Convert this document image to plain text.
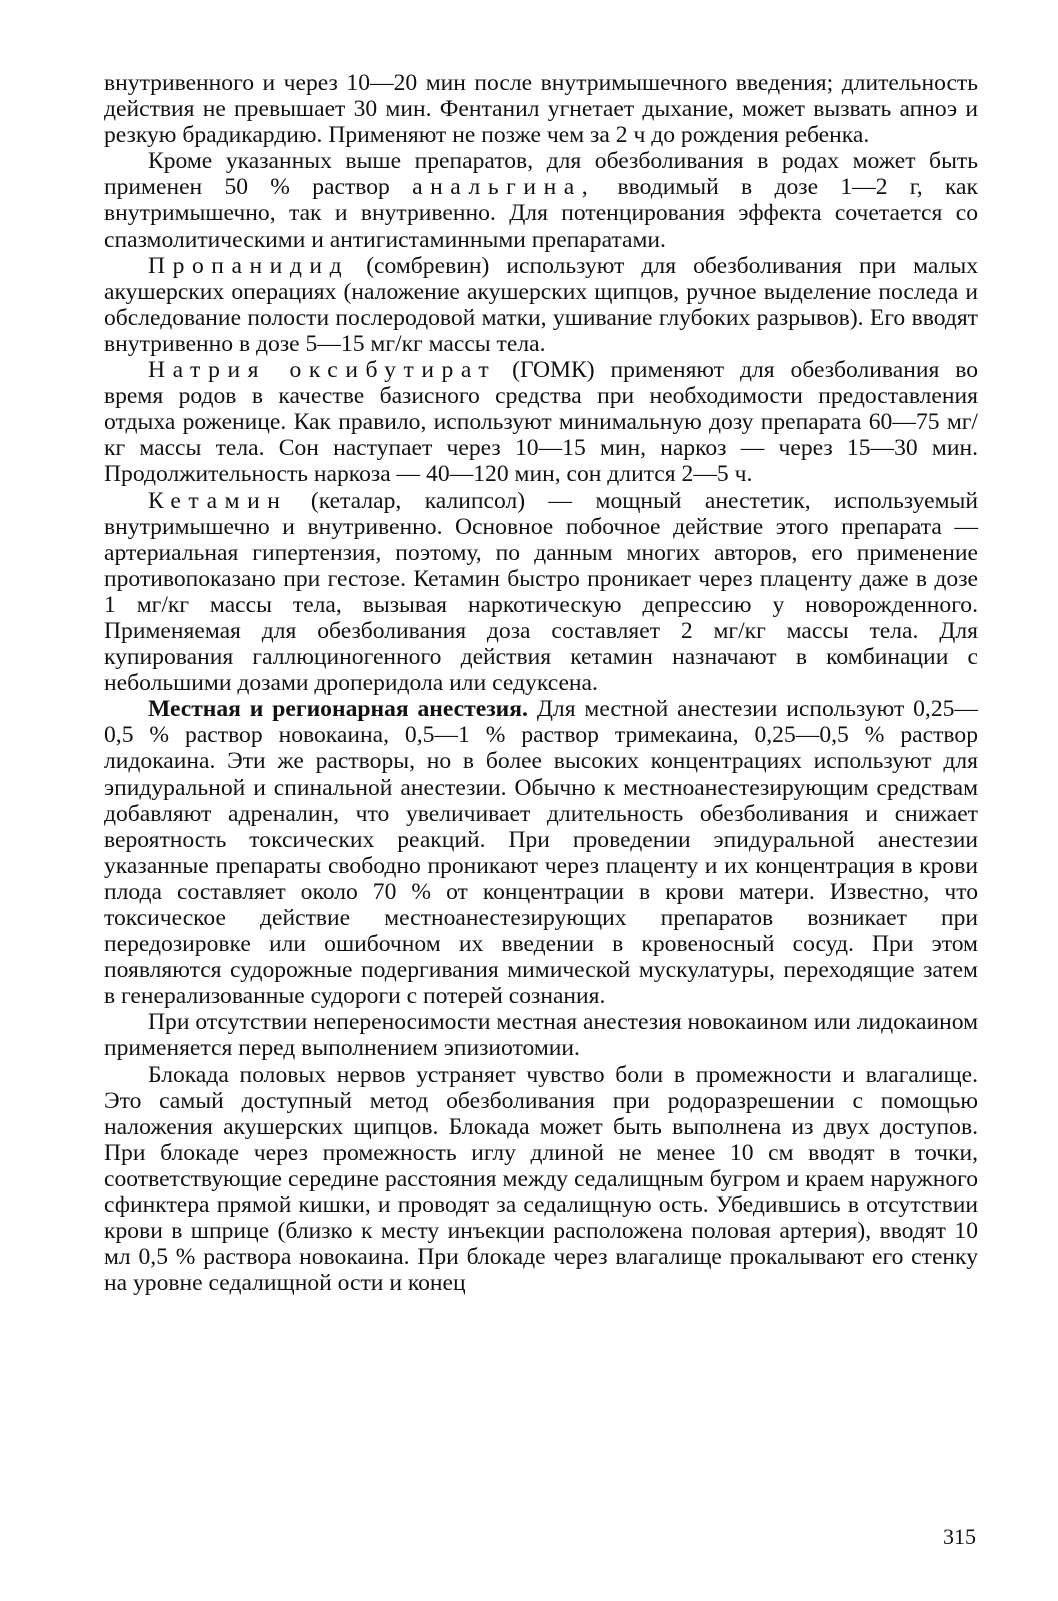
внутривенного и через 10—20 мин после внутримышечного введения; длительность действия не превышает 30 мин. Фентанил угнетает дыхание, может вызвать апноэ и резкую брадикардию. Применяют не позже чем за 2 ч до рождения ребенка.

Кроме указанных выше препаратов, для обезболивания в родах может быть применен 50 % раствор анальгина, вводимый в дозе 1—2 г, как внутримышечно, так и внутривенно. Для потенцирования эффекта сочетается со спазмолитическими и антигистаминными препаратами.

Пропанидид (сомбревин) используют для обезболивания при малых акушерских операциях (наложение акушерских щипцов, ручное выделение последа и обследование полости послеродовой матки, ушивание глубоких разрывов). Его вводят внутривенно в дозе 5—15 мг/кг массы тела.

Натрия оксибутират (ГОМК) применяют для обезболивания во время родов в качестве базисного средства при необходимости предоставления отдыха роженице. Как правило, используют минимальную дозу препарата 60—75 мг/кг массы тела. Сон наступает через 10—15 мин, наркоз — через 15—30 мин. Продолжительность наркоза — 40—120 мин, сон длится 2—5 ч.

Кетамин (кеталар, калипсол) — мощный анестетик, используемый внутримышечно и внутривенно. Основное побочное действие этого препарата — артериальная гипертензия, поэтому, по данным многих авторов, его применение противопоказано при гестозе. Кетамин быстро проникает через плаценту даже в дозе 1 мг/кг массы тела, вызывая наркотическую депрессию у новорожденного. Применяемая для обезболивания доза составляет 2 мг/кг массы тела. Для купирования галлюциногенного действия кетамин назначают в комбинации с небольшими дозами дроперидола или седуксена.

Местная и регионарная анестезия. Для местной анестезии используют 0,25—0,5 % раствор новокаина, 0,5—1 % раствор тримекаина, 0,25—0,5 % раствор лидокаина. Эти же растворы, но в более высоких концентрациях используют для эпидуральной и спинальной анестезии. Обычно к местноанестезирующим средствам добавляют адреналин, что увеличивает длительность обезболивания и снижает вероятность токсических реакций. При проведении эпидуральной анестезии указанные препараты свободно проникают через плаценту и их концентрация в крови плода составляет около 70 % от концентрации в крови матери. Известно, что токсическое действие местноанестезирующих препаратов возникает при передозировке или ошибочном их введении в кровеносный сосуд. При этом появляются судорожные подергивания мимической мускулатуры, переходящие затем в генерализованные судороги с потерей сознания.

При отсутствии непереносимости местная анестезия новокаином или лидокаином применяется перед выполнением эпизиотомии.

Блокада половых нервов устраняет чувство боли в промежности и влагалище. Это самый доступный метод обезболивания при родоразрешении с помощью наложения акушерских щипцов. Блокада может быть выполнена из двух доступов. При блокаде через промежность иглу длиной не менее 10 см вводят в точки, соответствующие середине расстояния между седалищным бугром и краем наружного сфинктера прямой кишки, и проводят за седалищную ость. Убедившись в отсутствии крови в шприце (близко к месту инъекции расположена половая артерия), вводят 10 мл 0,5 % раствора новокаина. При блокаде через влагалище прокалывают его стенку на уровне седалищной ости и конец

315
